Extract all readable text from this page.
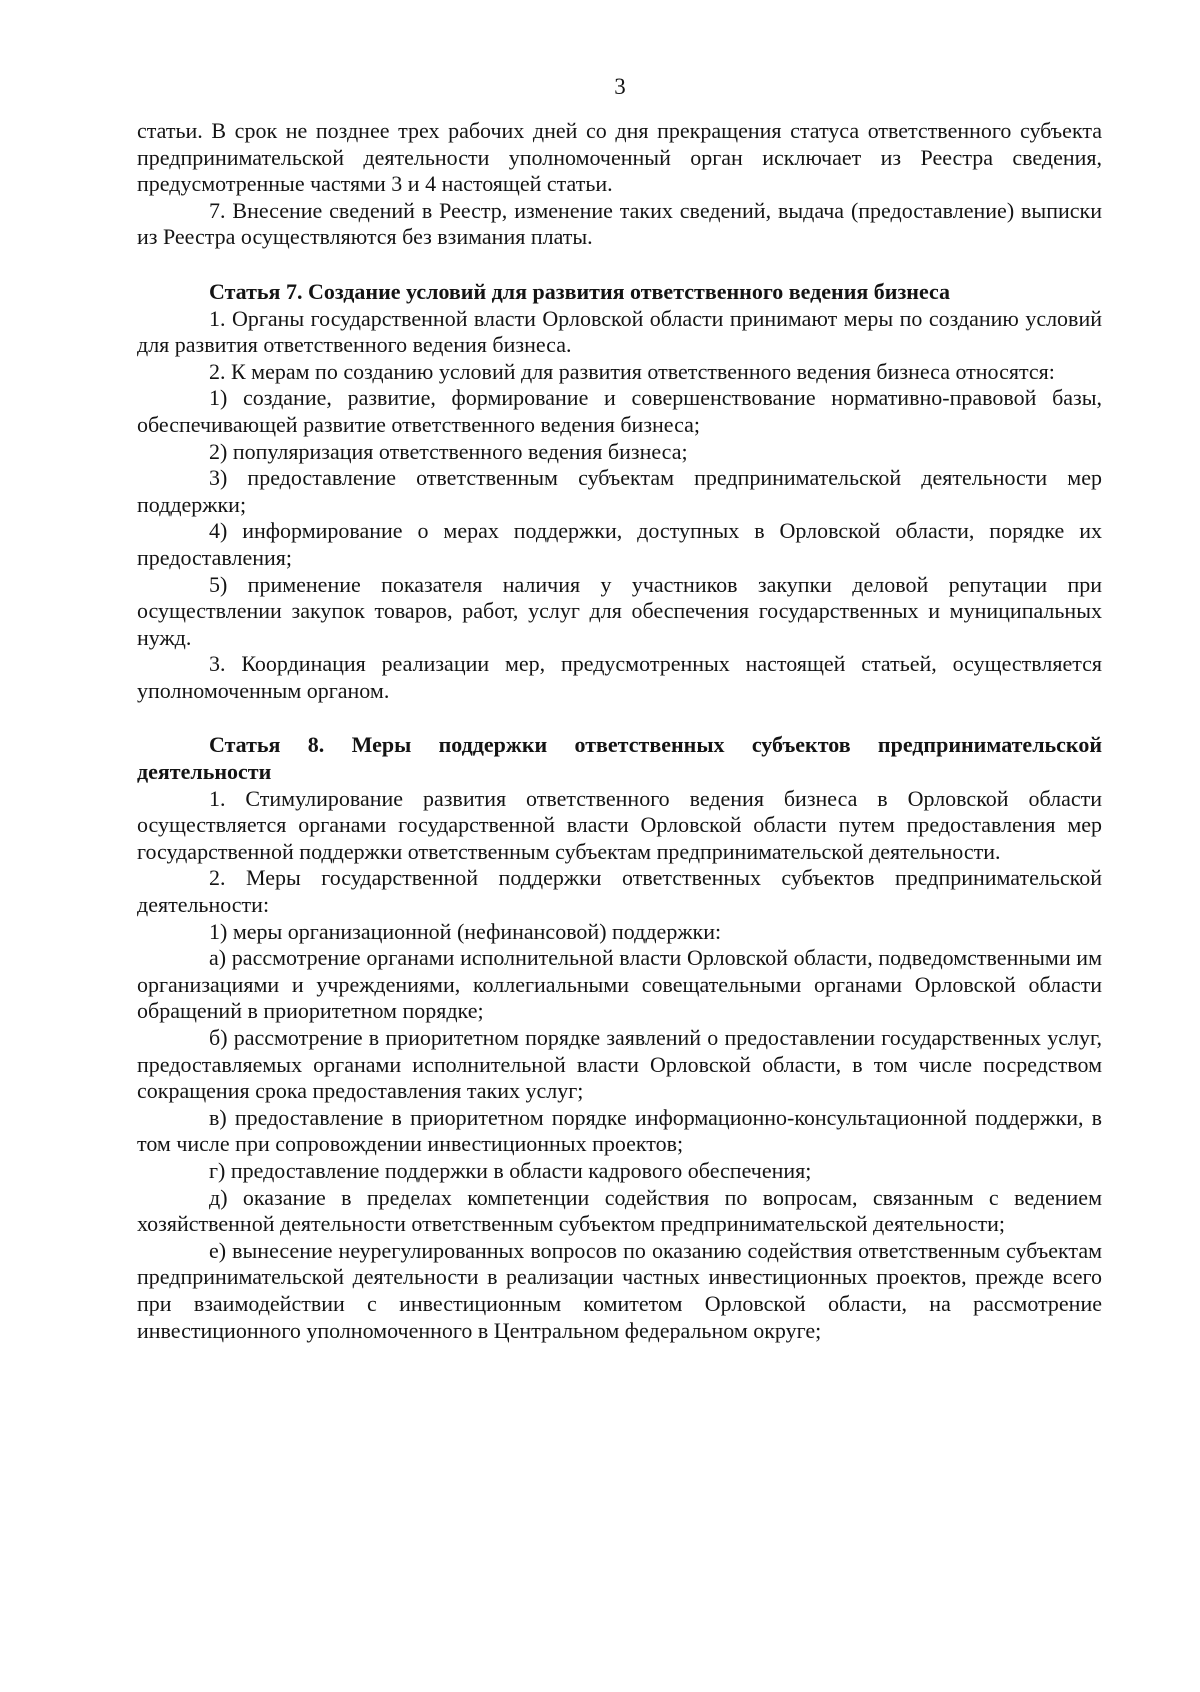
3

статьи. В срок не позднее трех рабочих дней со дня прекращения статуса ответственного субъекта предпринимательской деятельности уполномоченный орган исключает из Реестра сведения, предусмотренные частями 3 и 4 настоящей статьи.

7. Внесение сведений в Реестр, изменение таких сведений, выдача (предоставление) выписки из Реестра осуществляются без взимания платы.

Статья 7. Создание условий для развития ответственного ведения бизнеса

1. Органы государственной власти Орловской области принимают меры по созданию условий для развития ответственного ведения бизнеса.

2. К мерам по созданию условий для развития ответственного ведения бизнеса относятся:

1) создание, развитие, формирование и совершенствование нормативно-правовой базы, обеспечивающей развитие ответственного ведения бизнеса;

2) популяризация ответственного ведения бизнеса;

3) предоставление ответственным субъектам предпринимательской деятельности мер поддержки;

4) информирование о мерах поддержки, доступных в Орловской области, порядке их предоставления;

5) применение показателя наличия у участников закупки деловой репутации при осуществлении закупок товаров, работ, услуг для обеспечения государственных и муниципальных нужд.

3. Координация реализации мер, предусмотренных настоящей статьей, осуществляется уполномоченным органом.

Статья 8. Меры поддержки ответственных субъектов предпринимательской деятельности

1. Стимулирование развития ответственного ведения бизнеса в Орловской области осуществляется органами государственной власти Орловской области путем предоставления мер государственной поддержки ответственным субъектам предпринимательской деятельности.

2. Меры государственной поддержки ответственных субъектов предпринимательской деятельности:

1) меры организационной (нефинансовой) поддержки:

а) рассмотрение органами исполнительной власти Орловской области, подведомственными им организациями и учреждениями, коллегиальными совещательными органами Орловской области обращений в приоритетном порядке;

б) рассмотрение в приоритетном порядке заявлений о предоставлении государственных услуг, предоставляемых органами исполнительной власти Орловской области, в том числе посредством сокращения срока предоставления таких услуг;

в) предоставление в приоритетном порядке информационно-консультационной поддержки, в том числе при сопровождении инвестиционных проектов;

г) предоставление поддержки в области кадрового обеспечения;

д) оказание в пределах компетенции содействия по вопросам, связанным с ведением хозяйственной деятельности ответственным субъектом предпринимательской деятельности;

е) вынесение неурегулированных вопросов по оказанию содействия ответственным субъектам предпринимательской деятельности в реализации частных инвестиционных проектов, прежде всего при взаимодействии с инвестиционным комитетом Орловской области, на рассмотрение инвестиционного уполномоченного в Центральном федеральном округе;
